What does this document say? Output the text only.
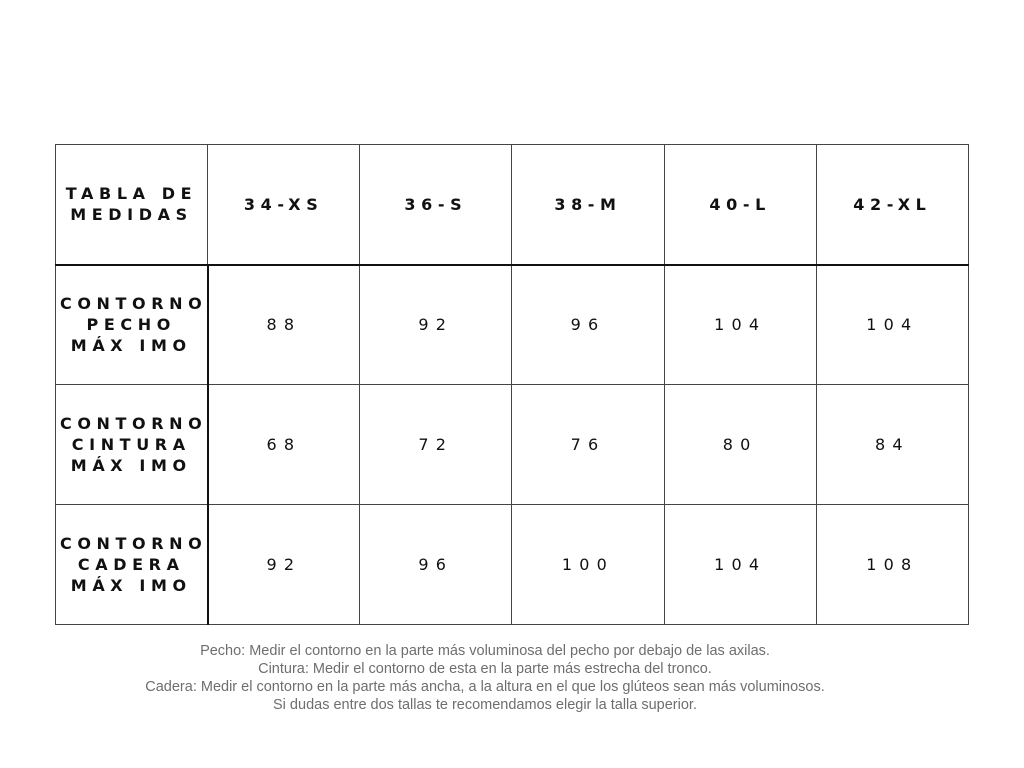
TABLA DE
MEDIDAS	34-XS	36-S	38-M	40-L	42-XL
CONTORNO
PECHO
MÁX IMO	88	92	96	104	104
CONTORNO
CINTURA
MÁX IMO	68	72	76	80	84
CONTORNO
CADERA
MÁX IMO	92	96	100	104	108
Pecho: Medir el contorno en la parte más voluminosa del pecho por debajo de las axilas.
Cintura: Medir el contorno de esta en la parte más estrecha del tronco.
Cadera: Medir el contorno en la parte más ancha, a la altura en el que los glúteos sean más voluminosos.
Si dudas entre dos tallas te recomendamos elegir la talla superior.
